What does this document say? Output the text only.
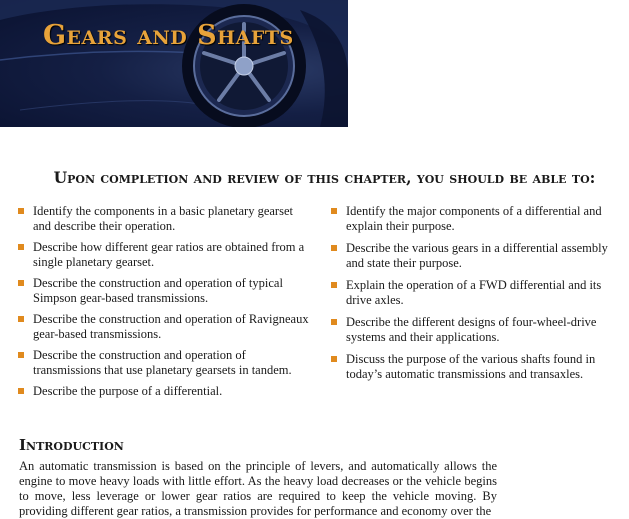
Gears and Shafts
Upon completion and review of this chapter, you should be able to:
Identify the components in a basic planetary gearset and describe their operation.
Describe how different gear ratios are obtained from a single planetary gearset.
Describe the construction and operation of typical Simpson gear-based transmissions.
Describe the construction and operation of Ravigneaux gear-based transmissions.
Describe the construction and operation of transmissions that use planetary gearsets in tandem.
Describe the purpose of a differential.
Identify the major components of a differential and explain their purpose.
Describe the various gears in a differential assembly and state their purpose.
Explain the operation of a FWD differential and its drive axles.
Describe the different designs of four-wheel-drive systems and their applications.
Discuss the purpose of the various shafts found in today’s automatic transmissions and transaxles.
Introduction

An automatic transmission is based on the principle of levers, and automatically allows the engine to move heavy loads with little effort. As the heavy load decreases or the vehicle begins to move, less leverage or lower gear ratios are required to keep the vehicle moving. By providing different gear ratios, a transmission provides for performance and economy over the
